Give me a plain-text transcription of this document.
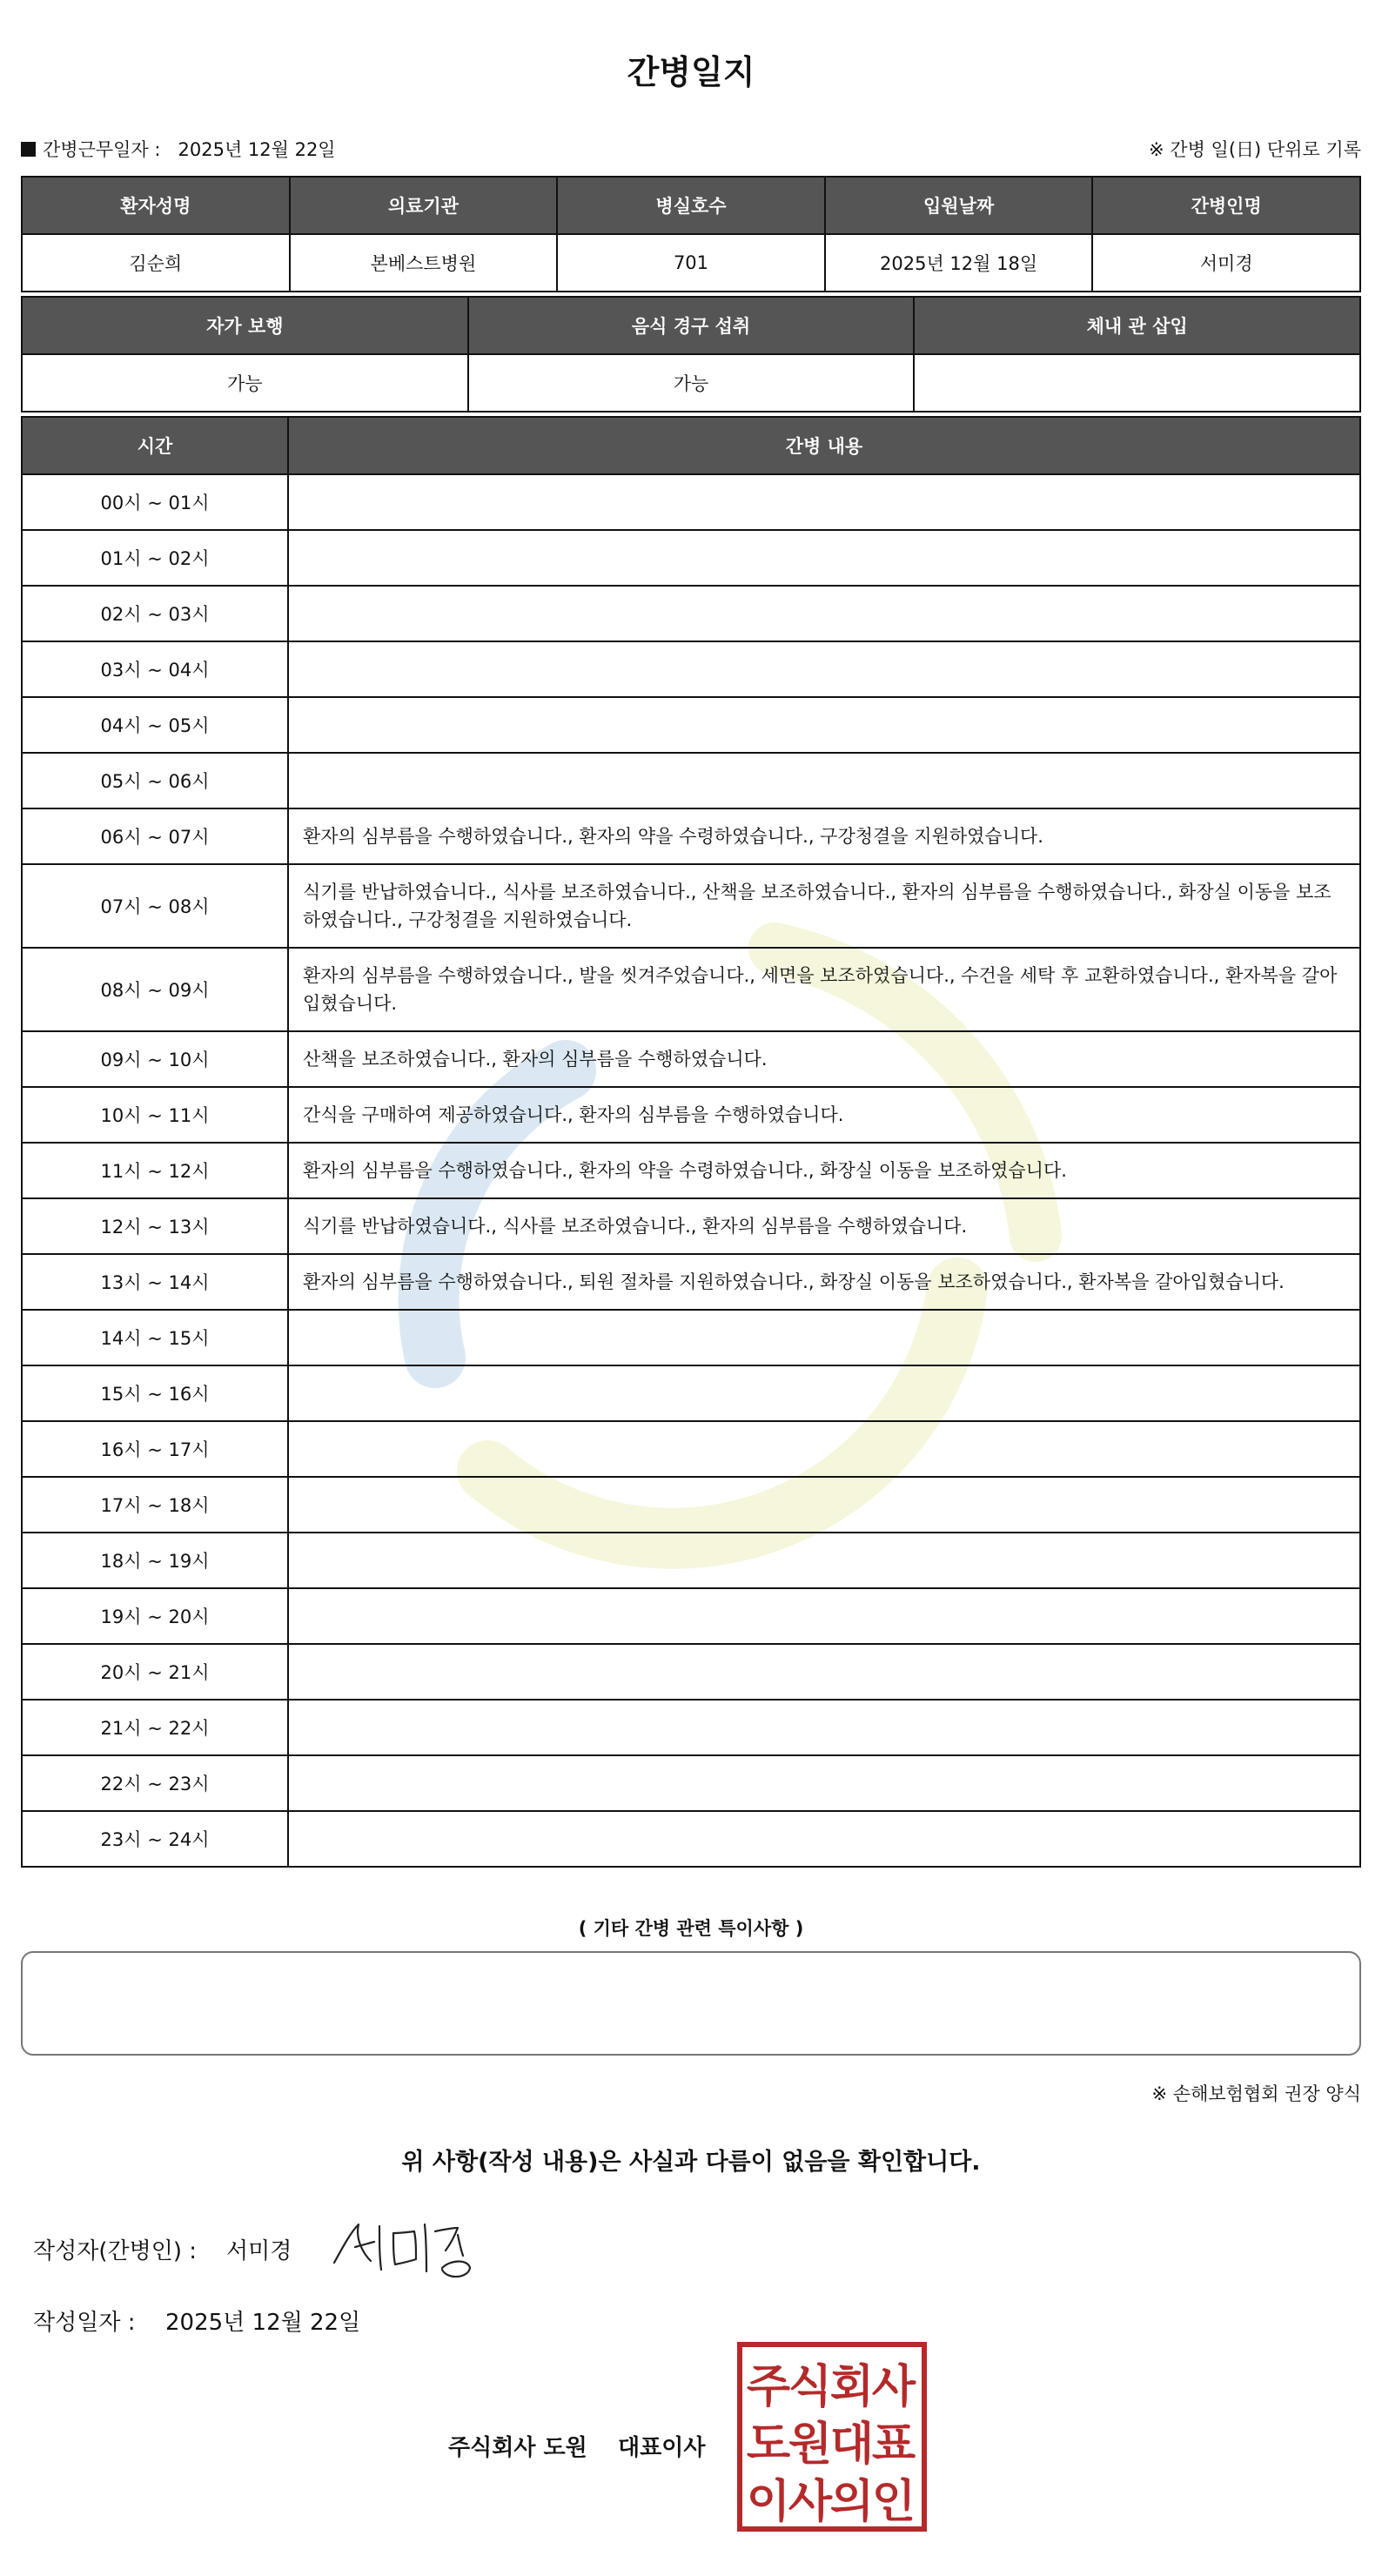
간병일지
간병근무일자 : 2025년 12월 22일	※ 간병 일(日) 단위로 기록
환자성명	의료기관	병실호수	입원날짜	간병인명
김순희	본베스트병원	701	2025년 12월 18일	서미경
자가 보행	음식 경구 섭취	체내 관 삽입
가능	가능	
시간	간병 내용
00시 ~ 01시	
01시 ~ 02시	
02시 ~ 03시	
03시 ~ 04시	
04시 ~ 05시	
05시 ~ 06시	
06시 ~ 07시	환자의 심부름을 수행하였습니다., 환자의 약을 수령하였습니다., 구강청결을 지원하였습니다.
07시 ~ 08시	식기를 반납하였습니다., 식사를 보조하였습니다., 산책을 보조하였습니다., 환자의 심부름을 수행하였습니다., 화장실 이동을 보조하였습니다., 구강청결을 지원하였습니다.
08시 ~ 09시	환자의 심부름을 수행하였습니다., 발을 씻겨주었습니다., 세면을 보조하였습니다., 수건을 세탁 후 교환하였습니다., 환자복을 갈아입혔습니다.
09시 ~ 10시	산책을 보조하였습니다., 환자의 심부름을 수행하였습니다.
10시 ~ 11시	간식을 구매하여 제공하였습니다., 환자의 심부름을 수행하였습니다.
11시 ~ 12시	환자의 심부름을 수행하였습니다., 환자의 약을 수령하였습니다., 화장실 이동을 보조하였습니다.
12시 ~ 13시	식기를 반납하였습니다., 식사를 보조하였습니다., 환자의 심부름을 수행하였습니다.
13시 ~ 14시	환자의 심부름을 수행하였습니다., 퇴원 절차를 지원하였습니다., 화장실 이동을 보조하였습니다., 환자복을 갈아입혔습니다.
14시 ~ 15시	
15시 ~ 16시	
16시 ~ 17시	
17시 ~ 18시	
18시 ~ 19시	
19시 ~ 20시	
20시 ~ 21시	
21시 ~ 22시	
22시 ~ 23시	
23시 ~ 24시	
( 기타 간병 관련 특이사항 )
※ 손해보험협회 권장 양식
위 사항(작성 내용)은 사실과 다름이 없음을 확인합니다.
작성자(간병인) : 서미경
작성일자 : 2025년 12월 22일
주식회사 도원 대표이사
주
식
회
사
도
원
대
표
이
사
의
인
